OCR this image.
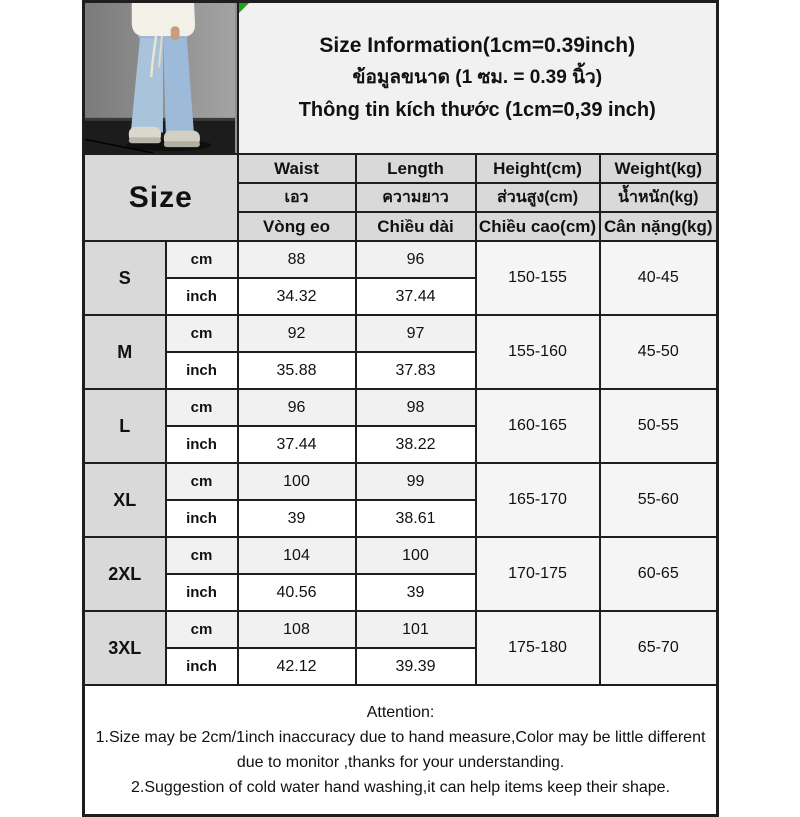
Size Information(1cm=0.39inch)
ข้อมูลขนาด (1 ซม. = 0.39 นิ้ว)
Thông tin kích thước (1cm=0,39 inch)			

Size		Waist	Length	Height(cm)	Weight(kg)
		เอว	ความยาว	ส่วนสูง(cm)	น้ำหนัก(kg)
		Vòng eo	Chiều dài	Chiều cao(cm)	Cân nặng(kg)
S	cm	88	96	150-155	40-45
	inch	34.32	37.44		
M	cm	92	97	155-160	45-50
	inch	35.88	37.83		
L	cm	96	98	160-165	50-55
	inch	37.44	38.22		
XL	cm	100	99	165-170	55-60
	inch	39	38.61		
2XL	cm	104	100	170-175	60-65
	inch	40.56	39		
3XL	cm	108	101	175-180	65-70
	inch	42.12	39.39		

Attention:
1.Size may be 2cm/1inch inaccuracy due to hand measure,Color may be little different
due to monitor ,thanks for your understanding.
2.Suggestion of cold water hand washing,it can help items keep their shape.					
